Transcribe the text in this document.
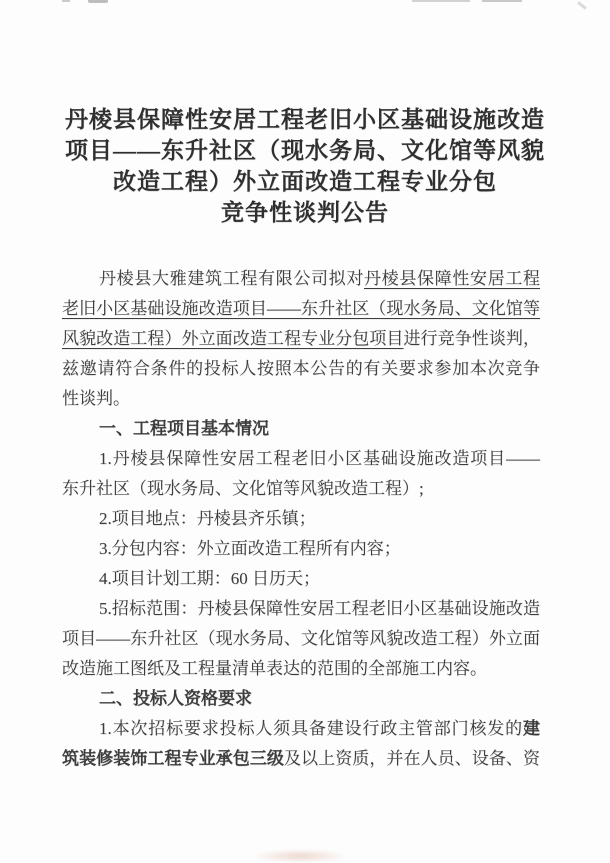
丹棱县保障性安居工程老旧小区基础设施改造
项目——东升社区（现水务局、文化馆等风貌
改造工程）外立面改造工程专业分包
竞争性谈判公告
丹棱县大雅建筑工程有限公司拟对丹棱县保障性安居工程
老旧小区基础设施改造项目——东升社区（现水务局、文化馆等
风貌改造工程）外立面改造工程专业分包项目进行竞争性谈判，
兹邀请符合条件的投标人按照本公告的有关要求参加本次竞争
性谈判。
一、工程项目基本情况
1.丹棱县保障性安居工程老旧小区基础设施改造项目——
东升社区（现水务局、文化馆等风貌改造工程）;
2.项目地点：丹棱县齐乐镇；
3.分包内容：外立面改造工程所有内容；
4.项目计划工期：60 日历天；
5.招标范围：丹棱县保障性安居工程老旧小区基础设施改造
项目——东升社区（现水务局、文化馆等风貌改造工程）外立面
改造施工图纸及工程量清单表达的范围的全部施工内容。
二、投标人资格要求
1.本次招标要求投标人须具备建设行政主管部门核发的建
筑装修装饰工程专业承包三级及以上资质，并在人员、设备、资
